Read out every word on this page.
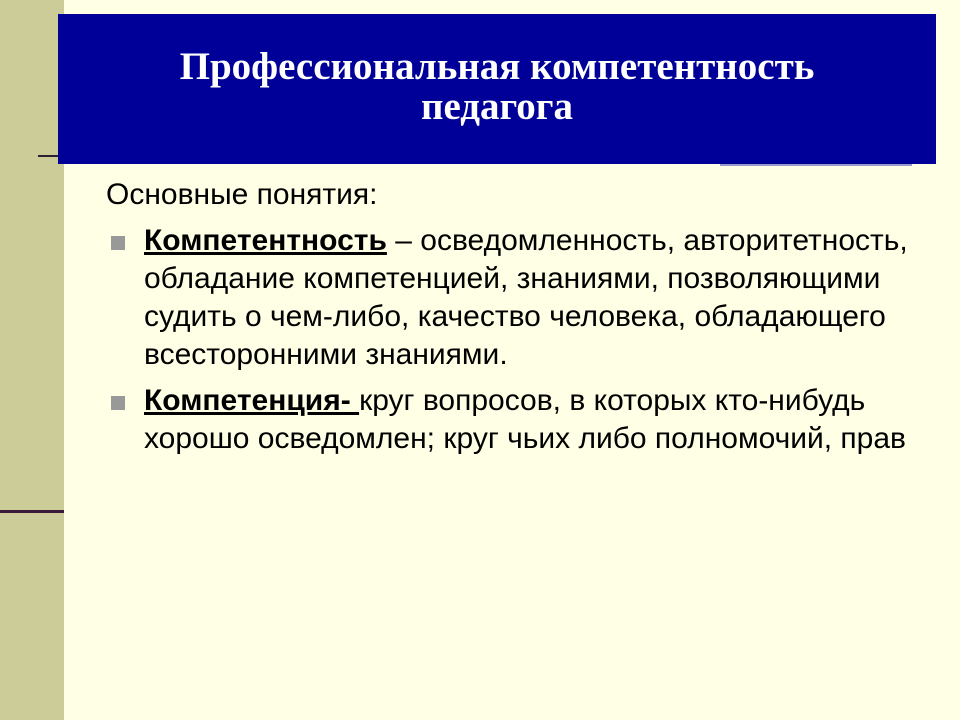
Профессиональная компетентность
педагога
Основные понятия:
Компетентность – осведомленность, авторитетность, обладание компетенцией, знаниями, позволяющими судить о чем-либо, качество человека, обладающего всесторонними знаниями.
Компетенция- круг вопросов, в которых кто-нибудь хорошо осведомлен; круг чьих либо полномочий, прав
